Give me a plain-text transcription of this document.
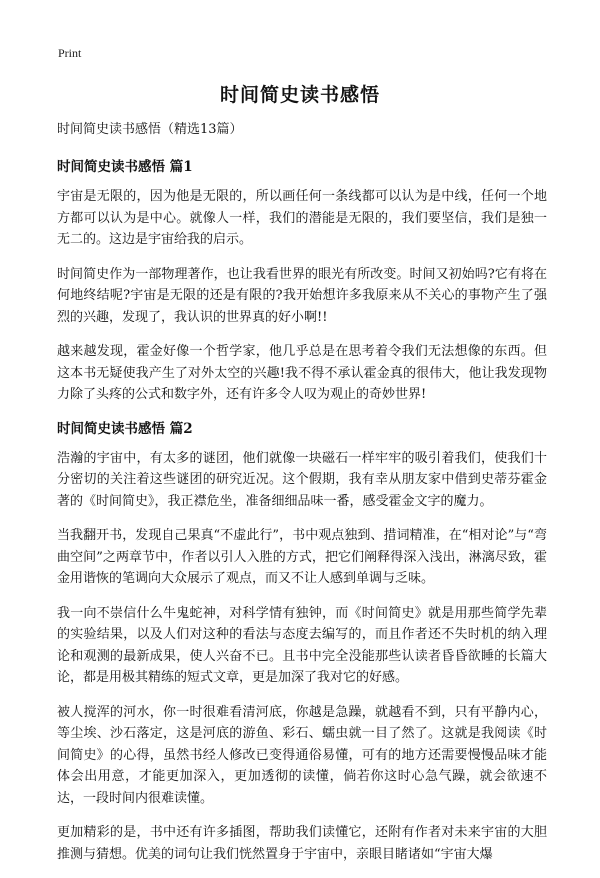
Print
时间简史读书感悟

时间简史读书感悟（精选13篇）

时间简史读书感悟 篇1

宇宙是无限的，因为他是无限的，所以画任何一条线都可以认为是中线，任何一个地方都可以认为是中心。就像人一样，我们的潜能是无限的，我们要坚信，我们是独一无二的。这边是宇宙给我的启示。

时间简史作为一部物理著作，也让我看世界的眼光有所改变。时间又初始吗?它有将在何地终结呢?宇宙是无限的还是有限的?我开始想许多我原来从不关心的事物产生了强烈的兴趣，发现了，我认识的世界真的好小啊!!

越来越发现，霍金好像一个哲学家，他几乎总是在思考着令我们无法想像的东西。但这本书无疑使我产生了对外太空的兴趣!我不得不承认霍金真的很伟大，他让我发现物力除了头疼的公式和数字外，还有许多令人叹为观止的奇妙世界!

时间简史读书感悟 篇2

浩瀚的宇宙中，有太多的谜团，他们就像一块磁石一样牢牢的吸引着我们，使我们十分密切的关注着这些谜团的研究近况。这个假期，我有幸从朋友家中借到史蒂芬霍金著的《时间简史》，我正襟危坐，准备细细品味一番，感受霍金文字的魔力。

当我翻开书，发现自己果真“不虚此行”，书中观点独到、措词精准，在“相对论”与“弯曲空间”之两章节中，作者以引人入胜的方式，把它们阐释得深入浅出，淋漓尽致，霍金用谐恢的笔调向大众展示了观点，而又不让人感到单调与乏味。

我一向不崇信什么牛鬼蛇神，对科学情有独钟，而《时间简史》就是用那些简学先辈的实验结果，以及人们对这种的看法与态度去编写的，而且作者还不失时机的纳入理论和观测的最新成果，使人兴奋不已。且书中完全没能那些认读者昏昏欲睡的长篇大论，都是用极其精练的短式文章，更是加深了我对它的好感。

被人搅浑的河水，你一时很难看清河底，你越是急躁，就越看不到，只有平静内心，等尘埃、沙石落定，这是河底的游鱼、彩石、蠕虫就一目了然了。这就是我阅读《时间简史》的心得，虽然书经人修改已变得通俗易懂，可有的地方还需要慢慢品味才能体会出用意，才能更加深入，更加透彻的读懂，倘若你这时心急气躁，就会欲速不达，一段时间内很难读懂。

更加精彩的是，书中还有许多插图，帮助我们读懂它，还附有作者对未来宇宙的大胆推测与猜想。优美的词句让我们恍然置身于宇宙中，亲眼目睹诸如“宇宙大爆
